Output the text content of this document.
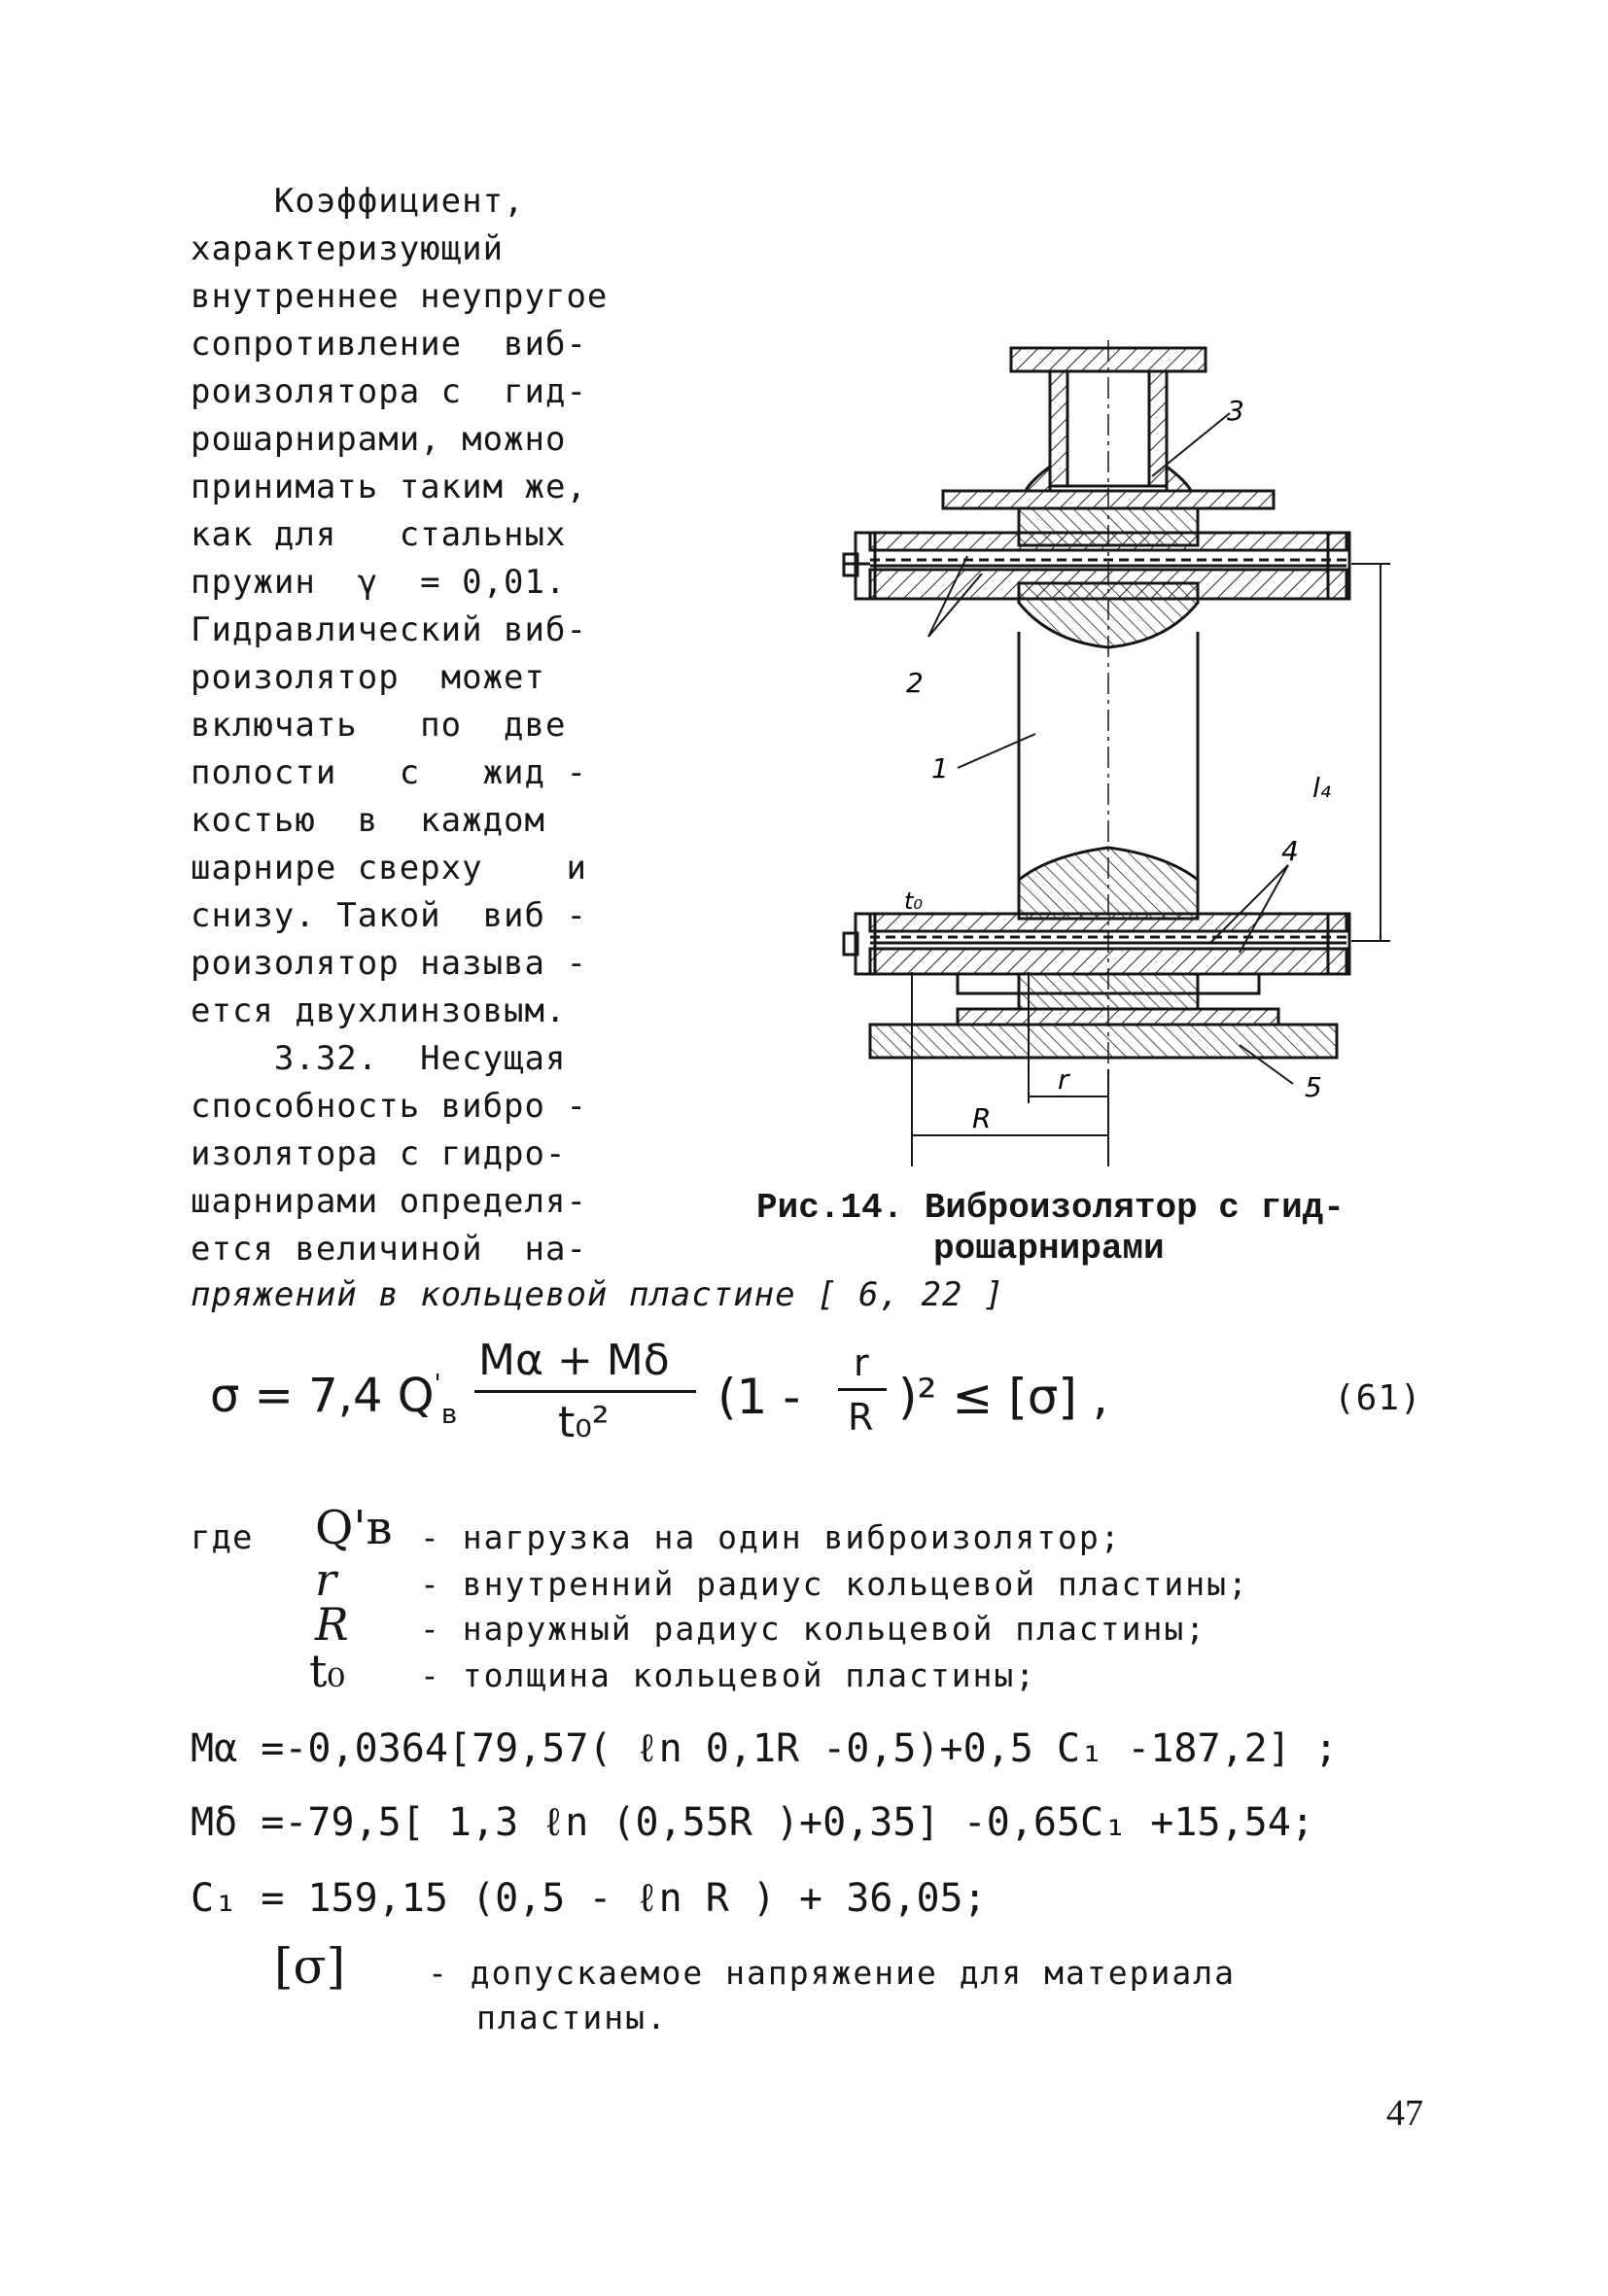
Коэффициент,
характеризующий
внутреннее неупругое
сопротивление  виб-
роизолятора с  гид-
рошарнирами, можно
принимать таким же,
как для   стальных
пружин  γ  = 0,01.
Гидравлический виб-
роизолятор  может
включать   по  две
полости   с   жид -
костью  в  каждом
шарнире сверху    и
снизу. Такой  виб -
роизолятор называ -
ется двухлинзовым.
3.32.  Несущая
способность вибро -
изолятора с гидро-
шарнирами определя-
ется величиной  на-
3
2
1
l₄
4
t₀
r
R
5
Рис.14. Виброизолятор с гид-
рошарнирами
пряжений в кольцевой пластине [ 6, 22 ]
σ = 7,4 $Q'_в$
Mα + Mδ
t₀² (1 -
r
R )² ≤ [σ] ,	(61)
где Q'в - нагрузка на один виброизолятор;
r	- внутренний радиус кольцевой пластины;
R - наружный радиус кольцевой пластины;
t₀ - толщина кольцевой пластины;
Mα =-0,0364[79,57( ℓn 0,1R -0,5)+0,5 C₁ -187,2] ;
Mδ =-79,5[ 1,3 ℓn (0,55R )+0,35] -0,65C₁ +15,54;
C₁ = 159,15 (0,5 - ℓn R ) + 36,05;
[σ]	- допускаемое напряжение для материала
пластины.
47
